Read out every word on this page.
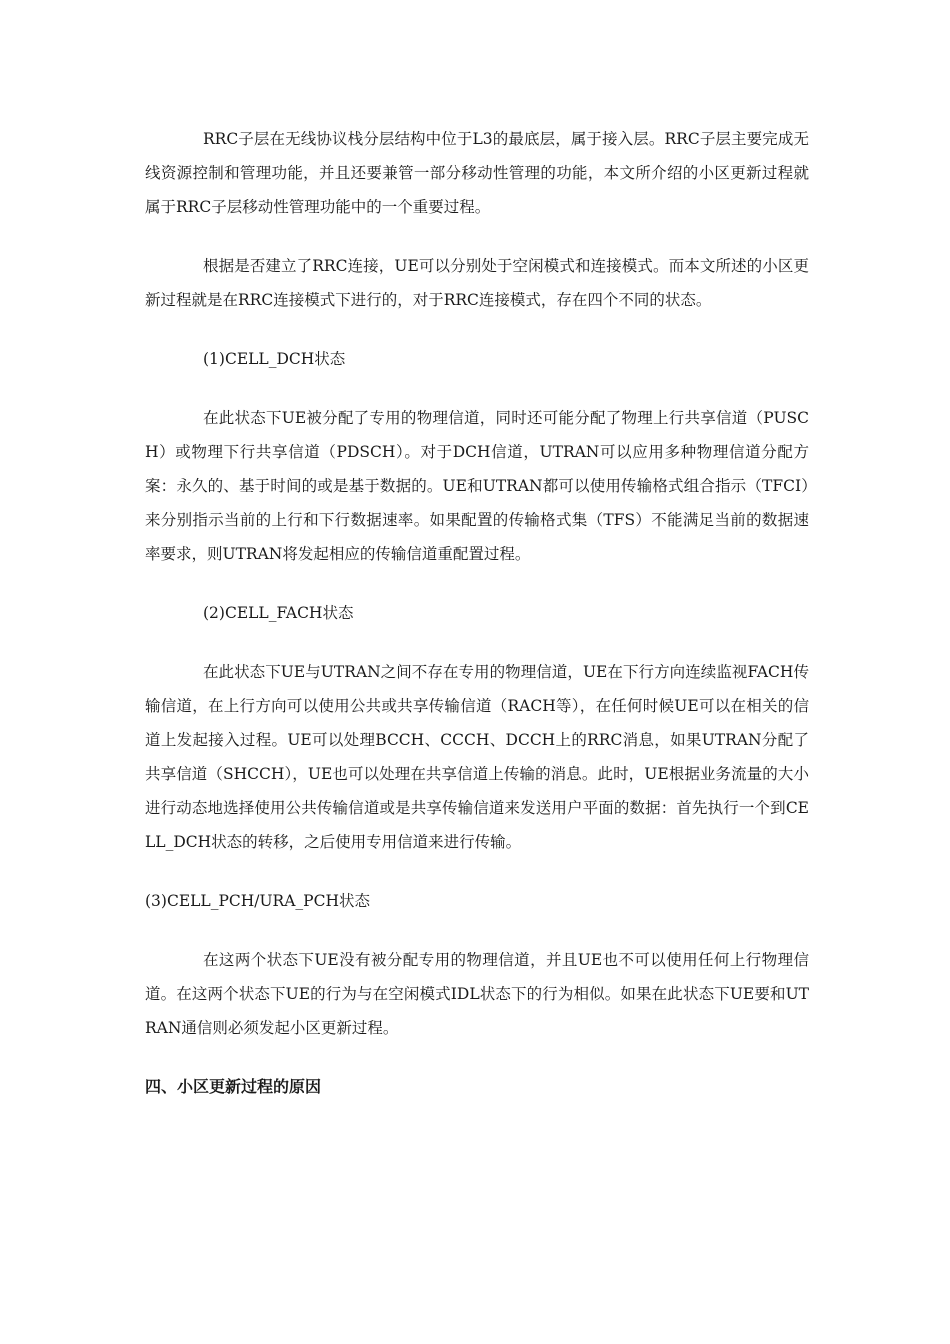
RRC子层在无线协议栈分层结构中位于L3的最底层，属于接入层。RRC子层主要完成无线资源控制和管理功能，并且还要兼管一部分移动性管理的功能，本文所介绍的小区更新过程就属于RRC子层移动性管理功能中的一个重要过程。

根据是否建立了RRC连接，UE可以分别处于空闲模式和连接模式。而本文所述的小区更新过程就是在RRC连接模式下进行的，对于RRC连接模式，存在四个不同的状态。

(1)CELL_DCH状态

在此状态下UE被分配了专用的物理信道，同时还可能分配了物理上行共享信道（PUSCH）或物理下行共享信道（PDSCH）。对于DCH信道，UTRAN可以应用多种物理信道分配方案：永久的、基于时间的或是基于数据的。UE和UTRAN都可以使用传输格式组合指示（TFCI）来分别指示当前的上行和下行数据速率。如果配置的传输格式集（TFS）不能满足当前的数据速率要求，则UTRAN将发起相应的传输信道重配置过程。

(2)CELL_FACH状态

在此状态下UE与UTRAN之间不存在专用的物理信道，UE在下行方向连续监视FACH传输信道，在上行方向可以使用公共或共享传输信道（RACH等），在任何时候UE可以在相关的信道上发起接入过程。UE可以处理BCCH、CCCH、DCCH上的RRC消息，如果UTRAN分配了共享信道（SHCCH），UE也可以处理在共享信道上传输的消息。此时，UE根据业务流量的大小进行动态地选择使用公共传输信道或是共享传输信道来发送用户平面的数据：首先执行一个到CELL_DCH状态的转移，之后使用专用信道来进行传输。

(3)CELL_PCH/URA_PCH状态

在这两个状态下UE没有被分配专用的物理信道，并且UE也不可以使用任何上行物理信道。在这两个状态下UE的行为与在空闲模式IDL状态下的行为相似。如果在此状态下UE要和UTRAN通信则必须发起小区更新过程。

四、小区更新过程的原因
